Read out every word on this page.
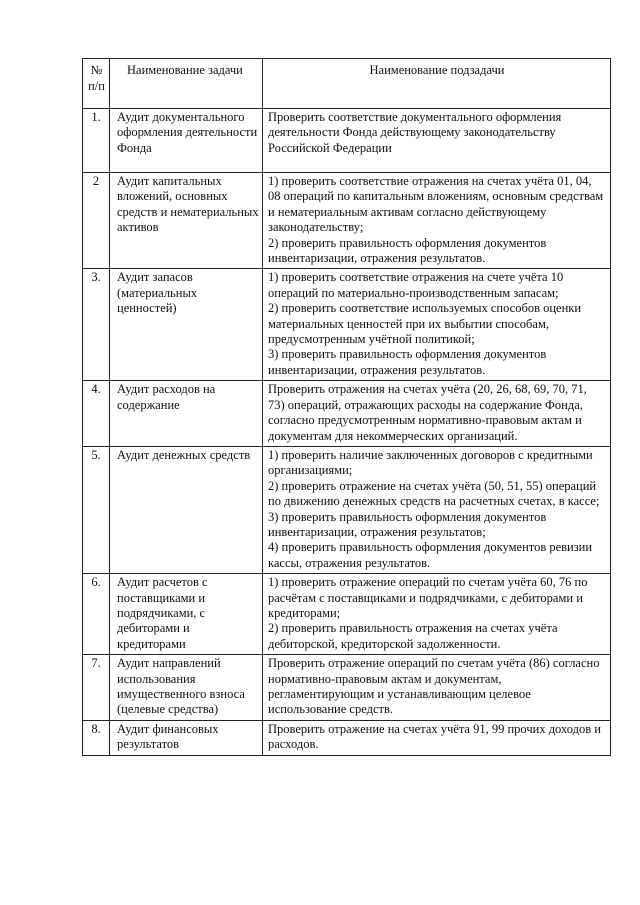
№ п/п	Наименование задачи	Наименование подзадачи
1.	Аудит документального оформления деятельности Фонда	Проверить соответствие документального оформления деятельности Фонда действующему законодательству Российской Федерации

2	Аудит капитальных вложений, основных средств и нематериальных активов	1) проверить соответствие отражения на счетах учёта 01, 04, 08 операций по капитальным вложениям, основным средствам и нематериальным активам согласно действующему законодательству;
2) проверить правильность оформления документов инвентаризации, отражения результатов.

3.	Аудит запасов (материальных ценностей)	1) проверить соответствие отражения на счете учёта 10 операций по материально-производственным запасам;
2) проверить соответствие используемых способов оценки материальных ценностей при их выбытии способам, предусмотренным учётной политикой;
3) проверить правильность оформления документов инвентаризации, отражения результатов.

4.	Аудит расходов на содержание	Проверить отражения на счетах учёта (20, 26, 68, 69, 70, 71, 73) операций, отражающих расходы на содержание Фонда, согласно предусмотренным нормативно-правовым актам и документам для некоммерческих организаций.

5.	Аудит денежных средств	1) проверить наличие заключенных договоров с кредитными организациями;
2) проверить отражение на счетах учёта (50, 51, 55) операций по движению денежных средств на расчетных счетах, в кассе;
3) проверить правильность оформления документов инвентаризации, отражения результатов;
4) проверить правильность оформления документов ревизии кассы, отражения результатов.

6.	Аудит расчетов с поставщиками и подрядчиками, с дебиторами и кредиторами	1) проверить отражение операций по счетам учёта 60, 76 по расчётам с поставщиками и подрядчиками, с дебиторами и кредиторами;
2) проверить правильность отражения на счетах учёта дебиторской, кредиторской задолженности.

7.	Аудит направлений использования имущественного взноса (целевые средства)	Проверить отражение операций по счетам учёта (86) согласно нормативно-правовым актам и документам, регламентирующим и устанавливающим целевое использование средств.

8.	Аудит финансовых результатов	Проверить отражение на счетах учёта 91, 99 прочих доходов и расходов.
